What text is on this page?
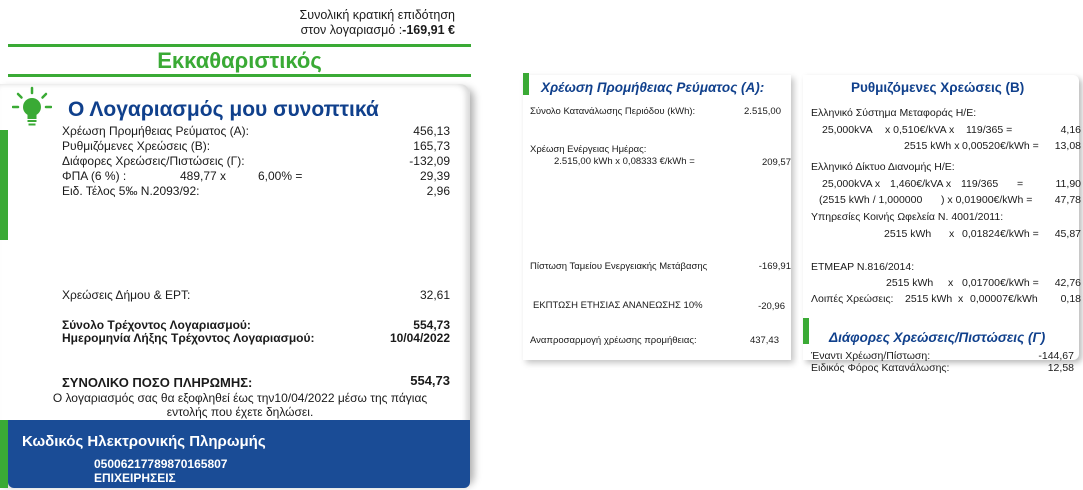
Συνολική κρατική επιδότηση
στον λογαριασμό :-169,91 €
Εκκαθαριστικός
Ο Λογαριασμός μου συνοπτικά
Χρέωση Προμήθειας Ρεύματος (Α):	456,13
Ρυθμιζόμενες Χρεώσεις (Β):	165,73
Διάφορες Χρεώσεις/Πιστώσεις (Γ):	-132,09
ΦΠΑ (6 %) :	489,77 x	6,00% =	29,39
Ειδ. Τέλος 5‰ Ν.2093/92:	2,96
Χρεώσεις Δήμου & ΕΡΤ:	32,61
Σύνολο Τρέχοντος Λογαριασμού:	554,73
Ημερομηνία Λήξης Τρέχοντος Λογαριασμού:	10/04/2022
ΣΥΝΟΛΙΚΟ ΠΟΣΟ ΠΛΗΡΩΜΗΣ:	554,73
Ο λογαριασμός σας θα εξοφληθεί έως την10/04/2022 μέσω της πάγιας
εντολής που έχετε δηλώσει.
Κωδικός Ηλεκτρονικής Πληρωμής
05006217789870165807
ΕΠΙΧΕΙΡΗΣΕΙΣ
Χρέωση Προμήθειας Ρεύματος (Α):
Σύνολο Κατανάλωσης Περιόδου (kWh):	2.515,00
Χρέωση Ενέργειας Ημέρας:
2.515,00 kWh x 0,08333 €/kWh =	209,57
Πίστωση Ταμείου Ενεργειακής Μετάβασης	-169,91
ΕΚΠΤΩΣΗ ΕΤΗΣΙΑΣ ΑΝΑΝΕΩΣΗΣ 10%	-20,96
Αναπροσαρμογή χρέωσης προμήθειας:	437,43
Ρυθμιζόμενες Χρεώσεις (Β)
Ελληνικό Σύστημα Μεταφοράς Η/Ε:
25,000kVA x 0,510€/kVA x 119/365 =	4,16
2515 kWh x 0,00520€/kWh = 13,08
Ελληνικό Δίκτυο Διανομής Η/Ε:
25,000kVA x 1,460€/kVA x 119/365 =	11,90
(2515 kWh / 1,000000 ) x 0,01900€/kWh = 47,78
Υπηρεσίες Κοινής Ωφελεία Ν. 4001/2011:
2515 kWh x 0,01824€/kWh = 45,87
ΕΤΜΕΑΡ Ν.816/2014:
2515 kWh x 0,01700€/kWh = 42,76
Λοιπές Χρεώσεις: 2515 kWh x 0,00007€/kWh 0,18
Διάφορες Χρεώσεις/Πιστώσεις (Γ)
Έναντι Χρέωση/Πίστωση:	-144,67
Ειδικός Φόρος Κατανάλωσης:	12,58
